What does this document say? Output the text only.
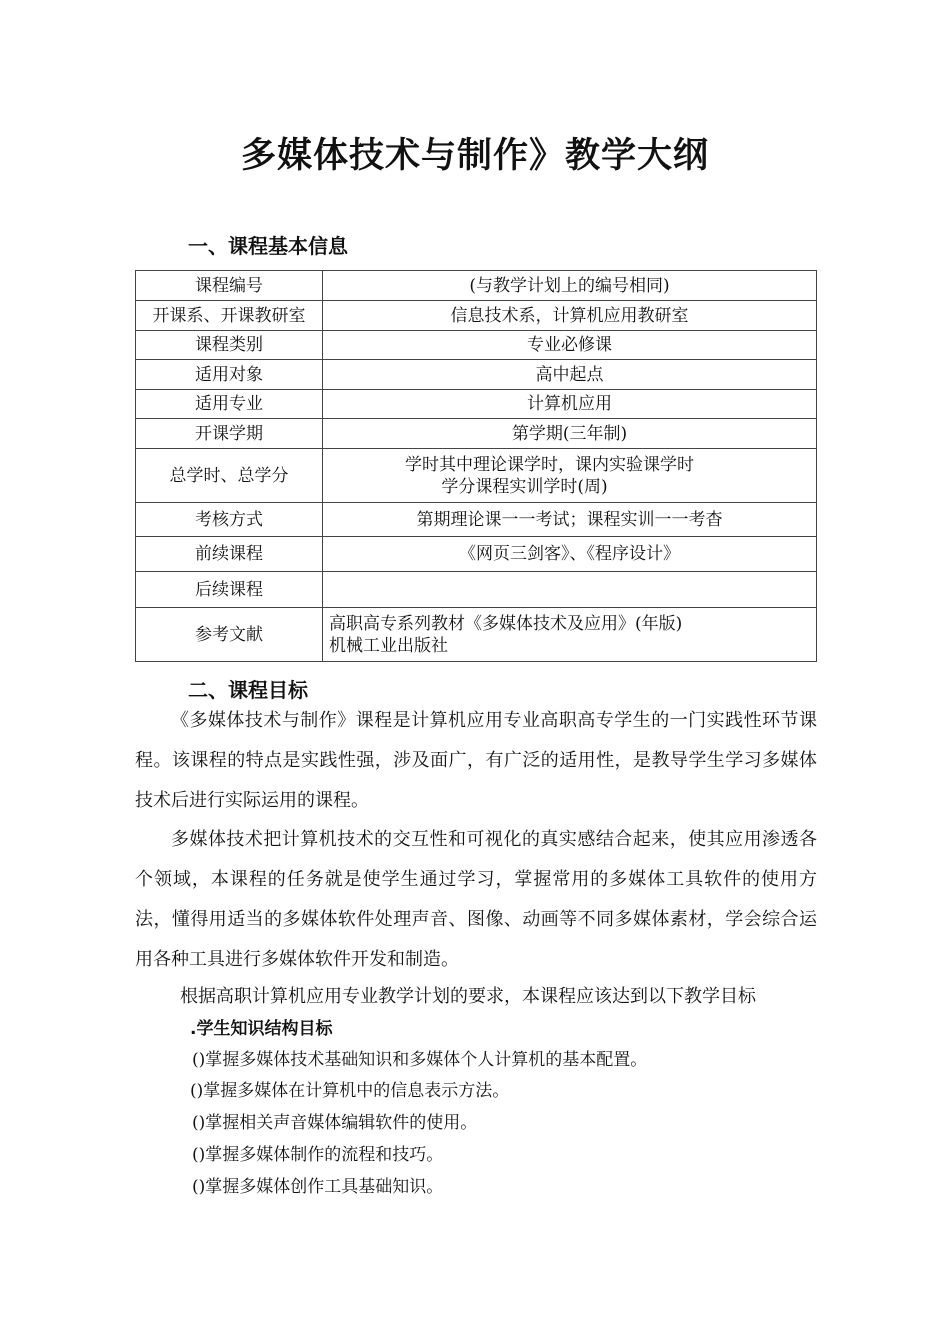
多媒体技术与制作》教学大纲
一、课程基本信息
课程编号	(与教学计划上的编号相同)
开课系、开课教研室	信息技术系，计算机应用教研室
课程类别	专业必修课
适用对象	高中起点
适用专业	计算机应用
开课学期	第学期(三年制)
总学时、总学分	学时其中理论课学时，课内实验课学时
学分课程实训学时(周)

考核方式	第期理论课一一考试；课程实训一一考杳
前续课程	《网页三剑客》、《程序设计》
后续课程	
参考文献	高职高专系列教材《多媒体技术及应用》(年版)
机械工业出版社
二、课程目标

《多媒体技术与制作》课程是计算机应用专业高职高专学生的一门实践性环节课程。该课程的特点是实践性强，涉及面广，有广泛的适用性，是教导学生学习多媒体技术后进行实际运用的课程。

多媒体技术把计算机技术的交互性和可视化的真实感结合起来，使其应用渗透各个领域，本课程的任务就是使学生通过学习，掌握常用的多媒体工具软件的使用方法，懂得用适当的多媒体软件处理声音、图像、动画等不同多媒体素材，学会综合运用各种工具进行多媒体软件开发和制造。

根据高职计算机应用专业教学计划的要求，本课程应该达到以下教学目标
.学生知识结构目标
()掌握多媒体技术基础知识和多媒体个人计算机的基本配置。
()掌握多媒体在计算机中的信息表示方法。
()掌握相关声音媒体编辑软件的使用。
()掌握多媒体制作的流程和技巧。
()掌握多媒体创作工具基础知识。
